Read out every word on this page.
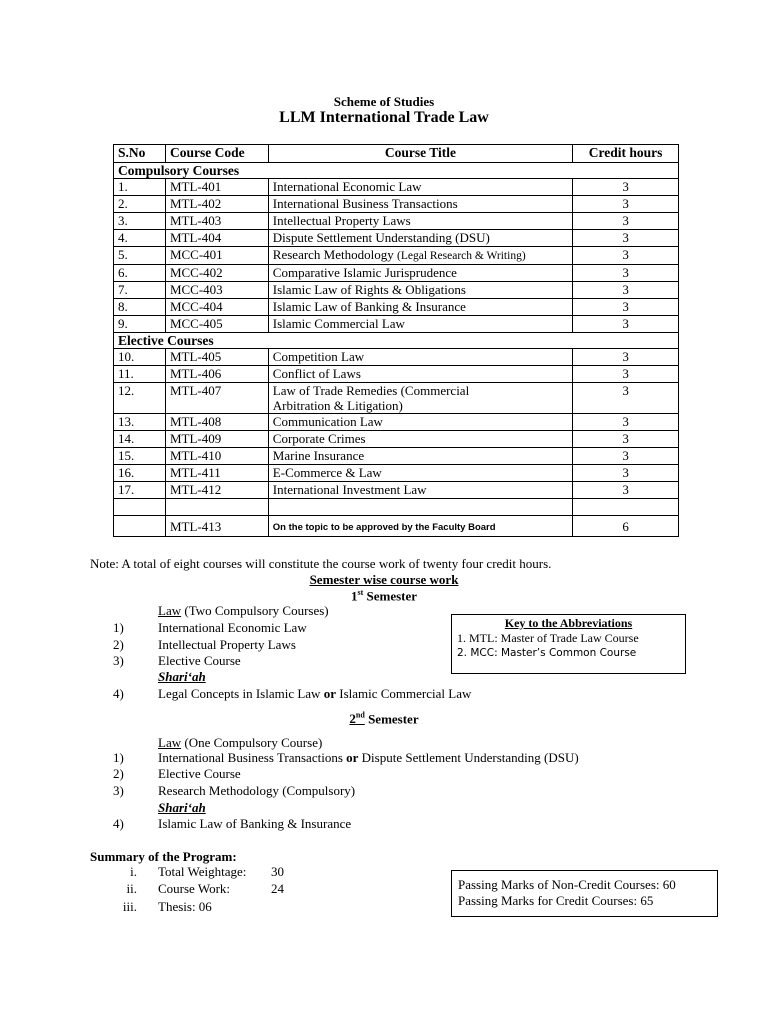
Scheme of Studies
LLM International Trade Law
S.No	Course Code	Course Title	Credit hours
Compulsory Courses			
1.	MTL-401	International Economic Law	3
2.	MTL-402	International Business Transactions	3
3.	MTL-403	Intellectual Property Laws	3
4.	MTL-404	Dispute Settlement Understanding (DSU)	3
5.	MCC-401	Research Methodology (Legal Research & Writing)	3
6.	MCC-402	Comparative Islamic Jurisprudence	3
7.	MCC-403	Islamic Law of Rights & Obligations	3
8.	MCC-404	Islamic Law of Banking & Insurance	3
9.	MCC-405	Islamic Commercial Law	3
Elective Courses			
10.	MTL-405	Competition Law	3
11.	MTL-406	Conflict of Laws	3
12.	MTL-407	Law of Trade Remedies (Commercial
Arbitration & Litigation)	3
13.	MTL-408	Communication Law	3
14.	MTL-409	Corporate Crimes	3
15.	MTL-410	Marine Insurance	3
16.	MTL-411	E-Commerce & Law	3
17.	MTL-412	International Investment Law	3

	MTL-413	On the topic to be approved by the Faculty Board	6
Note: A total of eight courses will constitute the course work of twenty four credit hours.
Semester wise course work
1st Semester
Law (Two Compulsory Courses)
1)	International Economic Law
2)	Intellectual Property Laws
3)	Elective Course
Shari‘ah
4)	Legal Concepts in Islamic Law or Islamic Commercial Law
Key to the Abbreviations
1. MTL: Master of Trade Law Course
2. MCC: Master’s Common Course
2nd Semester
Law (One Compulsory Course)
1)	International Business Transactions or Dispute Settlement Understanding (DSU)
2)	Elective Course
3)	Research Methodology (Compulsory)
Shari‘ah
4)	Islamic Law of Banking & Insurance
Summary of the Program:
i. Total Weightage: 30
ii. Course Work:	24
iii. Thesis: 06
Passing Marks of Non-Credit Courses: 60
Passing Marks for Credit Courses: 65
